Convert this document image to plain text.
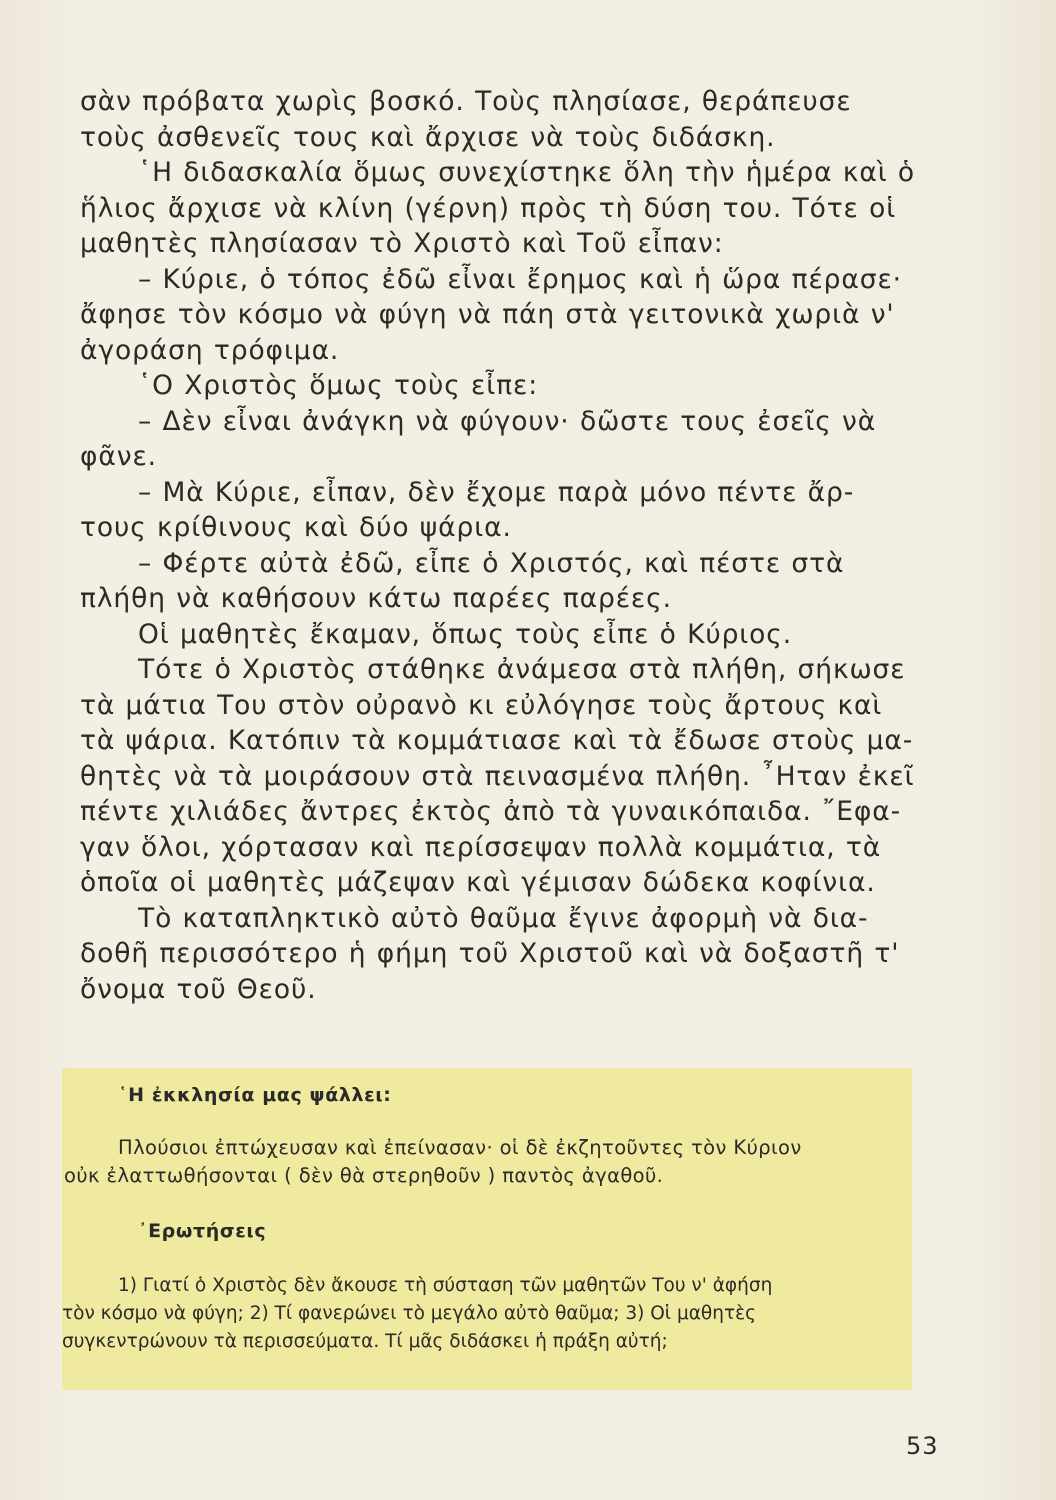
σὰν πρόβατα χωρὶς βοσκό. Τοὺς πλησίασε, θεράπευσε
τοὺς ἀσθενεῖς τους καὶ ἄρχισε νὰ τοὺς διδάσκη.
῾Η διδασκαλία ὅμως συνεχίστηκε ὅλη τὴν ἡμέρα καὶ ὁ
ἥλιος ἄρχισε νὰ κλίνη (γέρνη) πρὸς τὴ δύση του. Τότε οἱ
μαθητὲς πλησίασαν τὸ Χριστὸ καὶ Τοῦ εἶπαν:
– Κύριε, ὁ τόπος ἐδῶ εἶναι ἔρημος καὶ ἡ ὥρα πέρασε·
ἄφησε τὸν κόσμο νὰ φύγη νὰ πάη στὰ γειτονικὰ χωριὰ ν'
ἀγοράση τρόφιμα.
῾Ο Χριστὸς ὅμως τοὺς εἶπε:
– Δὲν εἶναι ἀνάγκη νὰ φύγουν· δῶστε τους ἐσεῖς νὰ
φᾶνε.
– Μὰ Κύριε, εἶπαν, δὲν ἔχομε παρὰ μόνο πέντε ἄρ-
τους κρίθινους καὶ δύο ψάρια.
– Φέρτε αὐτὰ ἐδῶ, εἶπε ὁ Χριστός, καὶ πέστε στὰ
πλήθη νὰ καθήσουν κάτω παρέες παρέες.
Οἱ μαθητὲς ἔκαμαν, ὅπως τοὺς εἶπε ὁ Κύριος.
Τότε ὁ Χριστὸς στάθηκε ἀνάμεσα στὰ πλήθη, σήκωσε
τὰ μάτια Του στὸν οὐρανὸ κι εὐλόγησε τοὺς ἄρτους καὶ
τὰ ψάρια. Κατόπιν τὰ κομμάτιασε καὶ τὰ ἔδωσε στοὺς μα-
θητὲς νὰ τὰ μοιράσουν στὰ πεινασμένα πλήθη. ῏Ηταν ἐκεῖ
πέντε χιλιάδες ἄντρες ἐκτὸς ἀπὸ τὰ γυναικόπαιδα. ῎Εφα-
γαν ὅλοι, χόρτασαν καὶ περίσσεψαν πολλὰ κομμάτια, τὰ
ὁποῖα οἱ μαθητὲς μάζεψαν καὶ γέμισαν δώδεκα κοφίνια.
Τὸ καταπληκτικὸ αὐτὸ θαῦμα ἔγινε ἀφορμὴ νὰ δια-
δοθῆ περισσότερο ἡ φήμη τοῦ Χριστοῦ καὶ νὰ δοξαστῆ τ'
ὄνομα τοῦ Θεοῦ.
῾Η ἐκκλησία μας ψάλλει:
Πλούσιοι ἐπτώχευσαν καὶ ἐπείνασαν· οἱ δὲ ἐκζητοῦντες τὸν Κύριον
οὐκ ἐλαττωθήσονται ( δὲν θὰ στερηθοῦν ) παντὸς ἀγαθοῦ.
᾿Ερωτήσεις
1) Γιατί ὁ Χριστὸς δὲν ἄκουσε τὴ σύσταση τῶν μαθητῶν Του ν' ἀφήση
τὸν κόσμο νὰ φύγη; 2) Τί φανερώνει τὸ μεγάλο αὐτὸ θαῦμα; 3) Οἱ μαθητὲς
συγκεντρώνουν τὰ περισσεύματα. Τί μᾶς διδάσκει ἡ πράξη αὐτή;
53
